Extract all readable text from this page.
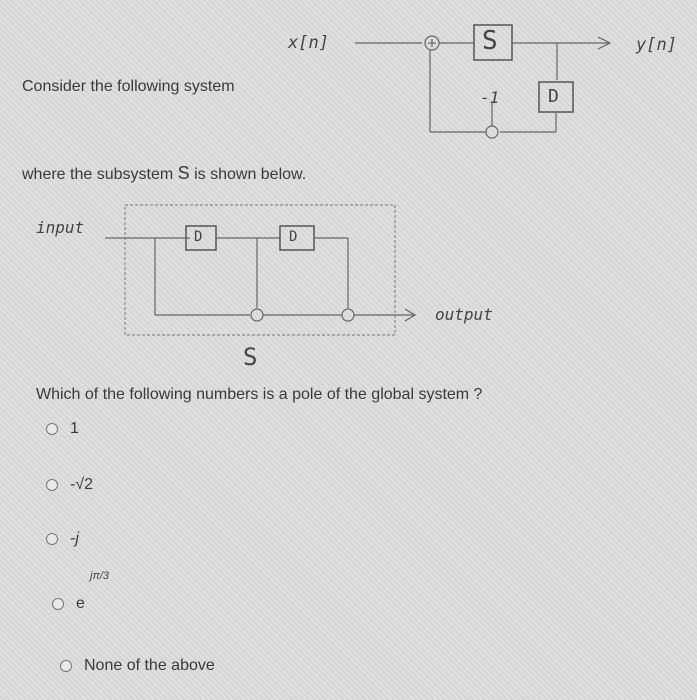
x[n]	S	y[n]
D
-1
Consider the following system
where the subsystem S is shown below.
input	D	D
output
S
Which of the following numbers is a pole of the global system ?
1
-√2
-j
e
jπ/3
None of the above
